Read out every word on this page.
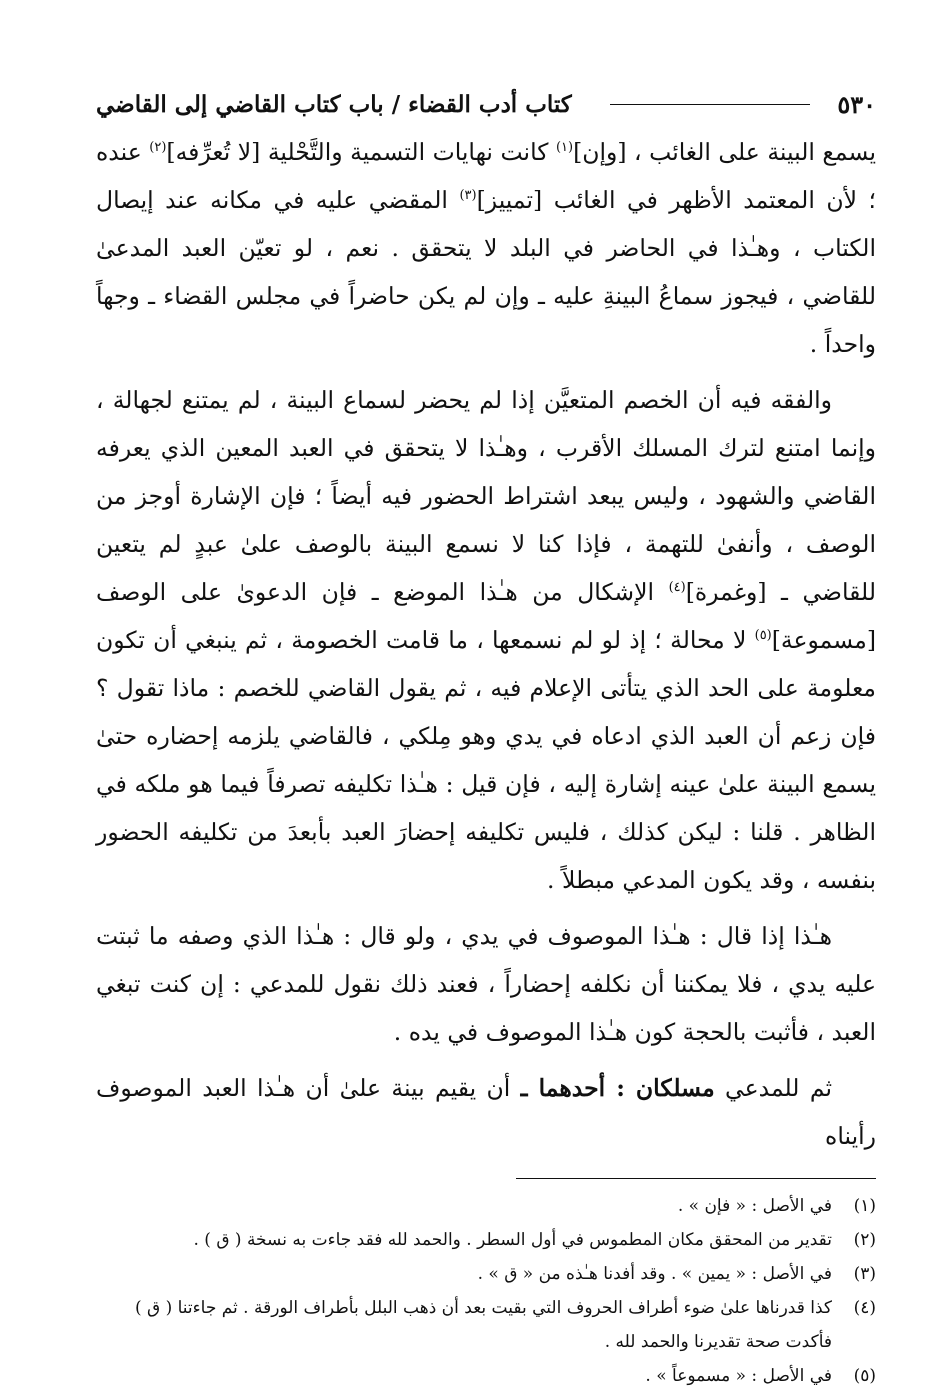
٥٣٠
كتاب أدب القضاء / باب كتاب القاضي إلى القاضي

يسمع البينة على الغائب ، [وإن]$^{(١)}$ كانت نهايات التسمية والتَّحْلية [لا تُعرِّفه]$^{(٢)}$ عنده ؛ لأن المعتمد الأظهر في الغائب [تمييز]$^{(٣)}$ المقضي عليه في مكانه عند إيصال الكتاب ، وهـٰذا في الحاضر في البلد لا يتحقق . نعم ، لو تعيّن العبد المدعىٰ للقاضي ، فيجوز سماعُ البينةِ عليه ـ وإن لم يكن حاضراً في مجلس القضاء ـ وجهاً واحداً .

والفقه فيه أن الخصم المتعيَّن إذا لم يحضر لسماع البينة ، لم يمتنع لجهالة ، وإنما امتنع لترك المسلك الأقرب ، وهـٰذا لا يتحقق في العبد المعين الذي يعرفه القاضي والشهود ، وليس يبعد اشتراط الحضور فيه أيضاً ؛ فإن الإشارة أوجز من الوصف ، وأنفىٰ للتهمة ، فإذا كنا لا نسمع البينة بالوصف علىٰ عبدٍ لم يتعين للقاضي ـ [وغمرة]$^{(٤)}$ الإشكال من هـٰذا الموضع ـ فإن الدعوىٰ على الوصف [مسموعة]$^{(٥)}$ لا محالة ؛ إذ لو لم نسمعها ، ما قامت الخصومة ، ثم ينبغي أن تكون معلومة على الحد الذي يتأتى الإعلام فيه ، ثم يقول القاضي للخصم : ماذا تقول ؟ فإن زعم أن العبد الذي ادعاه في يدي وهو مِلكي ، فالقاضي يلزمه إحضاره حتىٰ يسمع البينة علىٰ عينه إشارة إليه ، فإن قيل : هـٰذا تكليفه تصرفاً فيما هو ملكه في الظاهر . قلنا : ليكن كذلك ، فليس تكليفه إحضارَ العبد بأبعدَ من تكليفه الحضور بنفسه ، وقد يكون المدعي مبطلاً .

هـٰذا إذا قال : هـٰذا الموصوف في يدي ، ولو قال : هـٰذا الذي وصفه ما ثبتت عليه يدي ، فلا يمكننا أن نكلفه إحضاراً ، فعند ذلك نقول للمدعي : إن كنت تبغي العبد ، فأثبت بالحجة كون هـٰذا الموصوف في يده .

ثم للمدعي مسلكان : أحدهما ـ أن يقيم بينة علىٰ أن هـٰذا العبد الموصوف رأيناه

(١)
في الأصل : « فإن » .
(٢)
تقدير من المحقق مكان المطموس في أول السطر . والحمد لله فقد جاءت به نسخة ( ق ) .
(٣)
في الأصل : « يمين » . وقد أفدنا هـٰذه من « ق » .
(٤)
كذا قدرناها علىٰ ضوء أطراف الحروف التي بقيت بعد أن ذهب البلل بأطراف الورقة . ثم جاءتنا ( ق ) فأكدت صحة تقديرنا والحمد لله .
(٥)
في الأصل : « مسموعاً » .
